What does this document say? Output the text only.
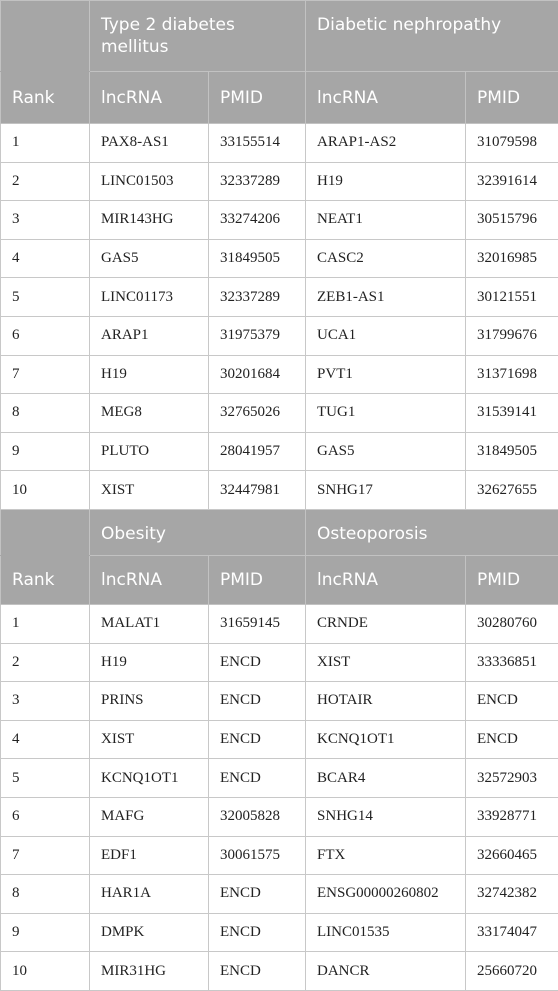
	Type 2 diabetes mellitus		Diabetic nephropathy	
Rank	lncRNA	PMID	lncRNA	PMID
1	PAX8-AS1	33155514	ARAP1-AS2	31079598
2	LINC01503	32337289	H19	32391614
3	MIR143HG	33274206	NEAT1	30515796
4	GAS5	31849505	CASC2	32016985
5	LINC01173	32337289	ZEB1-AS1	30121551
6	ARAP1	31975379	UCA1	31799676
7	H19	30201684	PVT1	31371698
8	MEG8	32765026	TUG1	31539141
9	PLUTO	28041957	GAS5	31849505
10	XIST	32447981	SNHG17	32627655
	Obesity		Osteoporosis	
Rank	lncRNA	PMID	lncRNA	PMID
1	MALAT1	31659145	CRNDE	30280760
2	H19	ENCD	XIST	33336851
3	PRINS	ENCD	HOTAIR	ENCD
4	XIST	ENCD	KCNQ1OT1	ENCD
5	KCNQ1OT1	ENCD	BCAR4	32572903
6	MAFG	32005828	SNHG14	33928771
7	EDF1	30061575	FTX	32660465
8	HAR1A	ENCD	ENSG00000260802	32742382
9	DMPK	ENCD	LINC01535	33174047
10	MIR31HG	ENCD	DANCR	25660720
